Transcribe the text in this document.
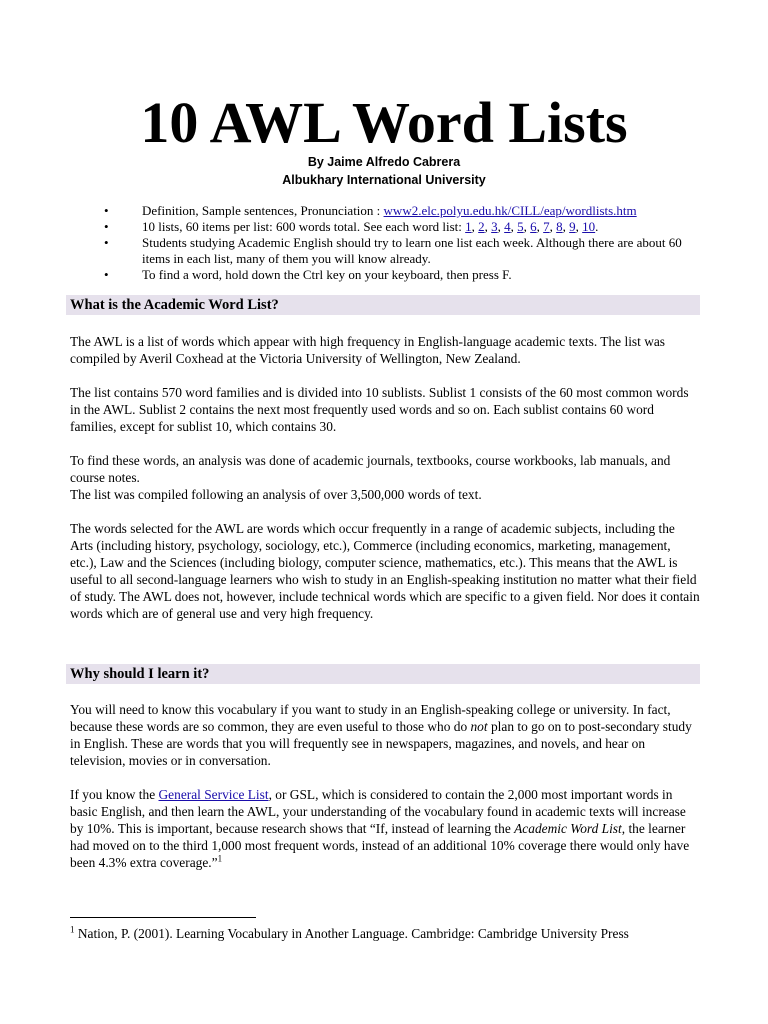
10 AWL Word Lists
By Jaime Alfredo Cabrera
Albukhary International University
•	Definition, Sample sentences, Pronunciation : www2.elc.polyu.edu.hk/CILL/eap/wordlists.htm
•	10 lists, 60 items per list: 600 words total. See each word list: 1, 2, 3, 4, 5, 6, 7, 8, 9, 10.
•	Students studying Academic English should try to learn one list each week. Although there are about 60 items in each list, many of them you will know already.
•	To find a word, hold down the Ctrl key on your keyboard, then press F.
What is the Academic Word List?

The AWL is a list of words which appear with high frequency in English-language academic texts. The list was compiled by Averil Coxhead at the Victoria University of Wellington, New Zealand.

The list contains 570 word families and is divided into 10 sublists. Sublist 1 consists of the 60 most common words in the AWL. Sublist 2 contains the next most frequently used words and so on. Each sublist contains 60 word families, except for sublist 10, which contains 30.

To find these words, an analysis was done of academic journals, textbooks, course workbooks, lab manuals, and course notes.
The list was compiled following an analysis of over 3,500,000 words of text.

The words selected for the AWL are words which occur frequently in a range of academic subjects, including the Arts (including history, psychology, sociology, etc.), Commerce (including economics, marketing, management, etc.), Law and the Sciences (including biology, computer science, mathematics, etc.). This means that the AWL is useful to all second-language learners who wish to study in an English-speaking institution no matter what their field of study. The AWL does not, however, include technical words which are specific to a given field. Nor does it contain words which are of general use and very high frequency.

Why should I learn it?

You will need to know this vocabulary if you want to study in an English-speaking college or university. In fact, because these words are so common, they are even useful to those who do not plan to go on to post-secondary study in English. These are words that you will frequently see in newspapers, magazines, and novels, and hear on television, movies or in conversation.

If you know the General Service List, or GSL, which is considered to contain the 2,000 most important words in basic English, and then learn the AWL, your understanding of the vocabulary found in academic texts will increase by 10%. This is important, because research shows that “If, instead of learning the Academic Word List, the learner had moved on to the third 1,000 most frequent words, instead of an additional 10% coverage there would only have been 4.3% extra coverage.”$^1$

$^1$ Nation, P. (2001). Learning Vocabulary in Another Language. Cambridge: Cambridge University Press
